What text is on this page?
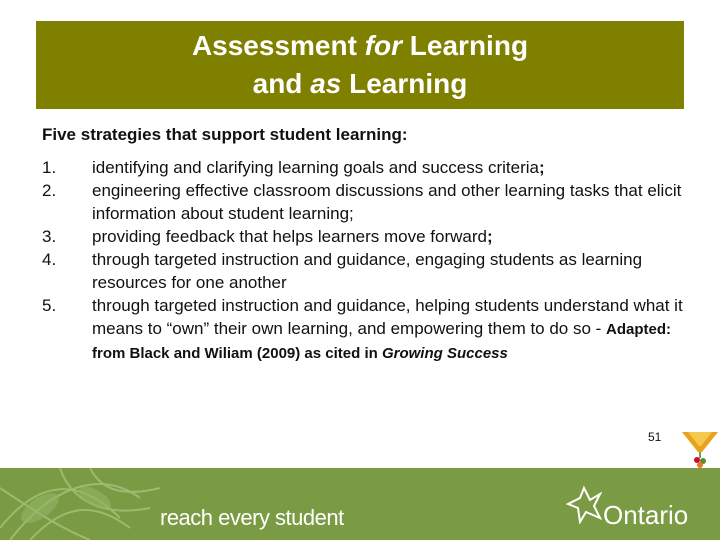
Assessment for Learning
and as Learning
Five strategies that support student learning:
1.	identifying and clarifying learning goals and success criteria;
2.	engineering effective classroom discussions and other learning tasks that elicit information about student learning;
3.	providing feedback that helps learners move forward;
4.	through targeted instruction and guidance, engaging students as learning resources for one another
5.	through targeted instruction and guidance, helping students understand what it means to “own” their own learning, and empowering them to do so - Adapted: from Black and Wiliam (2009) as cited in Growing Success
51
reach every student	Ontario
